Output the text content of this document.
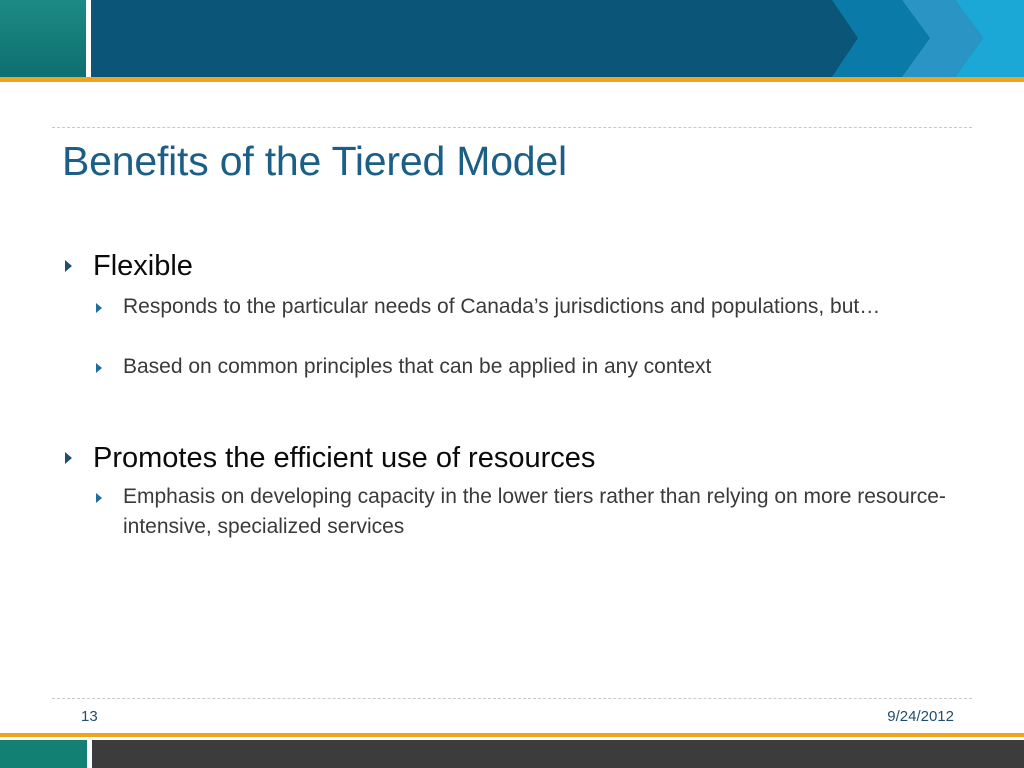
Benefits of the Tiered Model
Flexible
Responds to the particular needs of Canada’s jurisdictions and populations, but…
Based on common principles that can be applied in any context
Promotes the efficient use of resources
Emphasis on developing capacity in the lower tiers rather than relying on more resource-intensive, specialized services
13	9/24/2012
